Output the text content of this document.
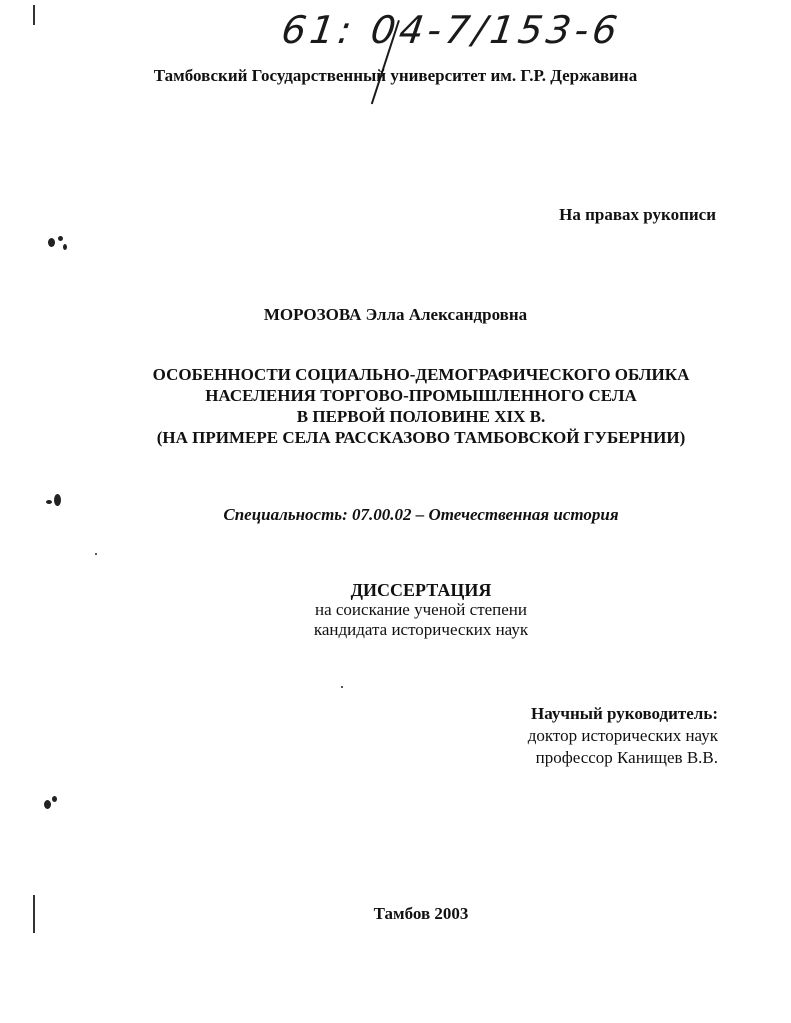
61: 04-7/153-6
Тамбовский Государственный университет им. Г.Р. Державина
На правах рукописи
МОРОЗОВА Элла Александровна
ОСОБЕННОСТИ СОЦИАЛЬНО-ДЕМОГРАФИЧЕСКОГО ОБЛИКА
НАСЕЛЕНИЯ ТОРГОВО-ПРОМЫШЛЕННОГО СЕЛА
В ПЕРВОЙ ПОЛОВИНЕ XIX В.
(НА ПРИМЕРЕ СЕЛА РАССКАЗОВО ТАМБОВСКОЙ ГУБЕРНИИ)
Специальность: 07.00.02 – Отечественная история
ДИССЕРТАЦИЯ
на соискание ученой степени
кандидата исторических наук
Научный руководитель:
доктор исторических наук
профессор Канищев В.В.
Тамбов 2003
